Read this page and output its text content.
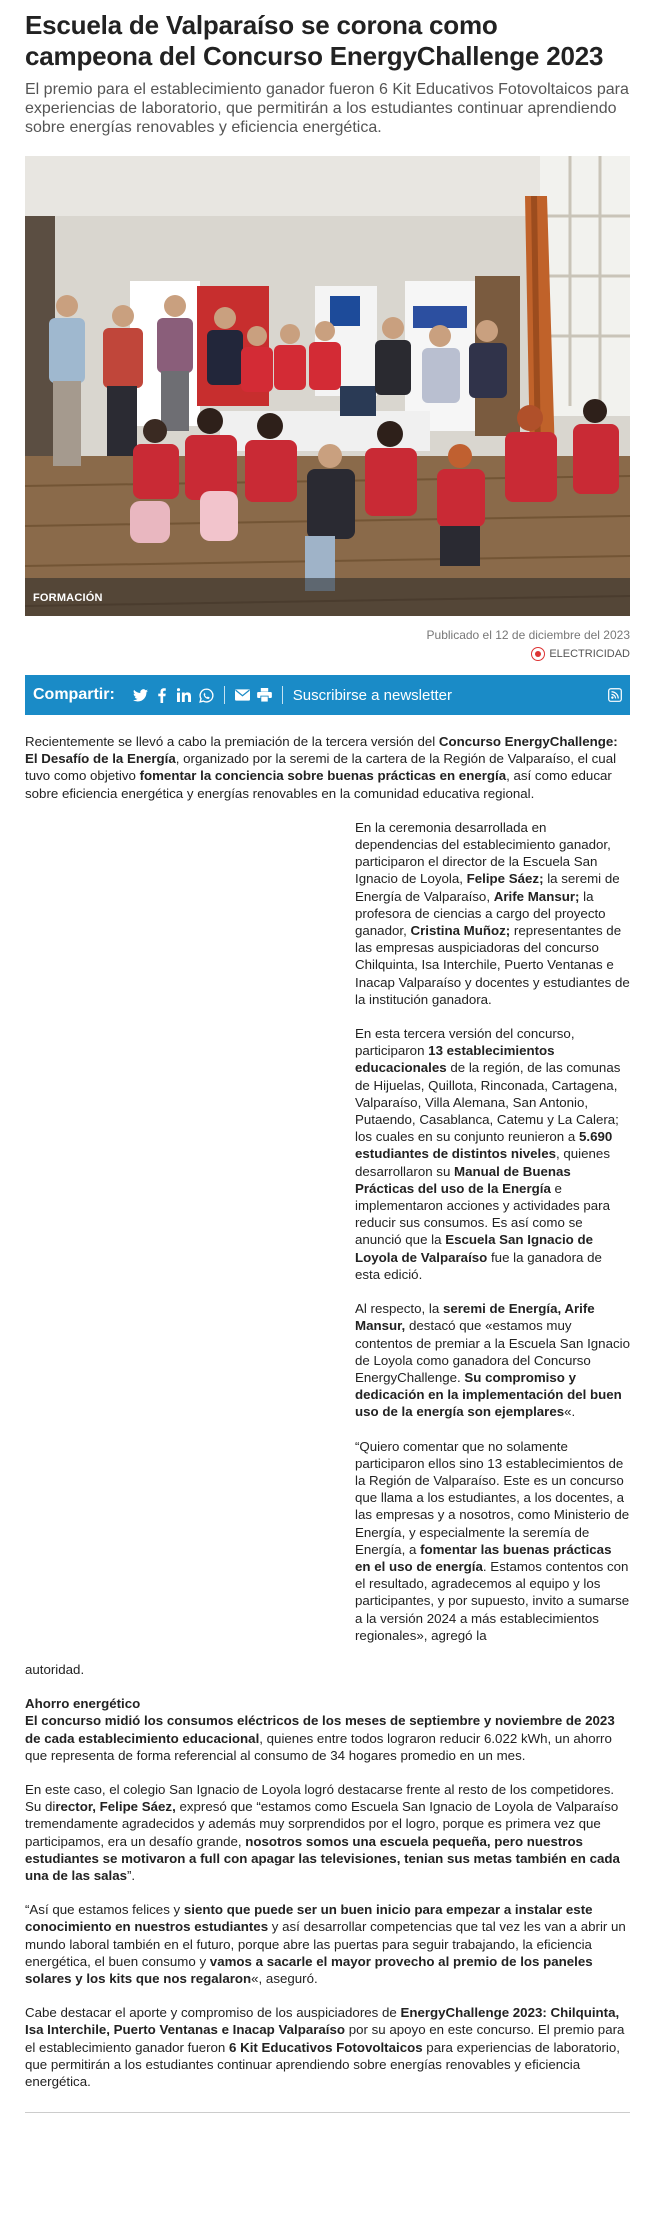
Escuela de Valparaíso se corona como campeona del Concurso EnergyChallenge 2023

El premio para el establecimiento ganador fueron 6 Kit Educativos Fotovoltaicos para experiencias de laboratorio, que permitirán a los estudiantes continuar aprendiendo sobre energías renovables y eficiencia energética.

FORMACIÓN
Publicado el 12 de diciembre del 2023
ELECTRICIDAD
Compartir:	Suscribirse a newsletter

Recientemente se llevó a cabo la premiación de la tercera versión del Concurso EnergyChallenge: El Desafío de la Energía, organizado por la seremi de la cartera de la Región de Valparaíso, el cual tuvo como objetivo fomentar la conciencia sobre buenas prácticas en energía, así como educar sobre eficiencia energética y energías renovables en la comunidad educativa regional.

En la ceremonia desarrollada en dependencias del establecimiento ganador, participaron el director de la Escuela San Ignacio de Loyola, Felipe Sáez; la seremi de Energía de Valparaíso, Arife Mansur; la profesora de ciencias a cargo del proyecto ganador, Cristina Muñoz; representantes de las empresas auspiciadoras del concurso Chilquinta, Isa Interchile, Puerto Ventanas e Inacap Valparaíso y docentes y estudiantes de la institución ganadora.

En esta tercera versión del concurso, participaron 13 establecimientos educacionales de la región, de las comunas de Hijuelas, Quillota, Rinconada, Cartagena, Valparaíso, Villa Alemana, San Antonio, Putaendo, Casablanca, Catemu y La Calera; los cuales en su conjunto reunieron a 5.690 estudiantes de distintos niveles, quienes desarrollaron su Manual de Buenas Prácticas del uso de la Energía e implementaron acciones y actividades para reducir sus consumos. Es así como se anunció que la Escuela San Ignacio de Loyola de Valparaíso fue la ganadora de esta edició.

Al respecto, la seremi de Energía, Arife Mansur, destacó que «estamos muy contentos de premiar a la Escuela San Ignacio de Loyola como ganadora del Concurso EnergyChallenge. Su compromiso y dedicación en la implementación del buen uso de la energía son ejemplares«.

“Quiero comentar que no solamente participaron ellos sino 13 establecimientos de la Región de Valparaíso. Este es un concurso que llama a los estudiantes, a los docentes, a las empresas y a nosotros, como Ministerio de Energía, y especialmente la seremía de Energía, a fomentar las buenas prácticas en el uso de energía. Estamos contentos con el resultado, agradecemos al equipo y los participantes, y por supuesto, invito a sumarse a la versión 2024 a más establecimientos regionales», agregó la

autoridad.

Ahorro energético
El concurso midió los consumos eléctricos de los meses de septiembre y noviembre de 2023 de cada establecimiento educacional, quienes entre todos lograron reducir 6.022 kWh, un ahorro que representa de forma referencial al consumo de 34 hogares promedio en un mes.

En este caso, el colegio San Ignacio de Loyola logró destacarse frente al resto de los competidores. Su director, Felipe Sáez, expresó que “estamos como Escuela San Ignacio de Loyola de Valparaíso tremendamente agradecidos y además muy sorprendidos por el logro, porque es primera vez que participamos, era un desafío grande, nosotros somos una escuela pequeña, pero nuestros estudiantes se motivaron a full con apagar las televisiones, tenian sus metas también en cada una de las salas”.

“Así que estamos felices y siento que puede ser un buen inicio para empezar a instalar este conocimiento en nuestros estudiantes y así desarrollar competencias que tal vez les van a abrir un mundo laboral también en el futuro, porque abre las puertas para seguir trabajando, la eficiencia energética, el buen consumo y vamos a sacarle el mayor provecho al premio de los paneles solares y los kits que nos regalaron«, aseguró.

Cabe destacar el aporte y compromiso de los auspiciadores de EnergyChallenge 2023: Chilquinta, Isa Interchile, Puerto Ventanas e Inacap Valparaíso por su apoyo en este concurso. El premio para el establecimiento ganador fueron 6 Kit Educativos Fotovoltaicos para experiencias de laboratorio, que permitirán a los estudiantes continuar aprendiendo sobre energías renovables y eficiencia energética.
